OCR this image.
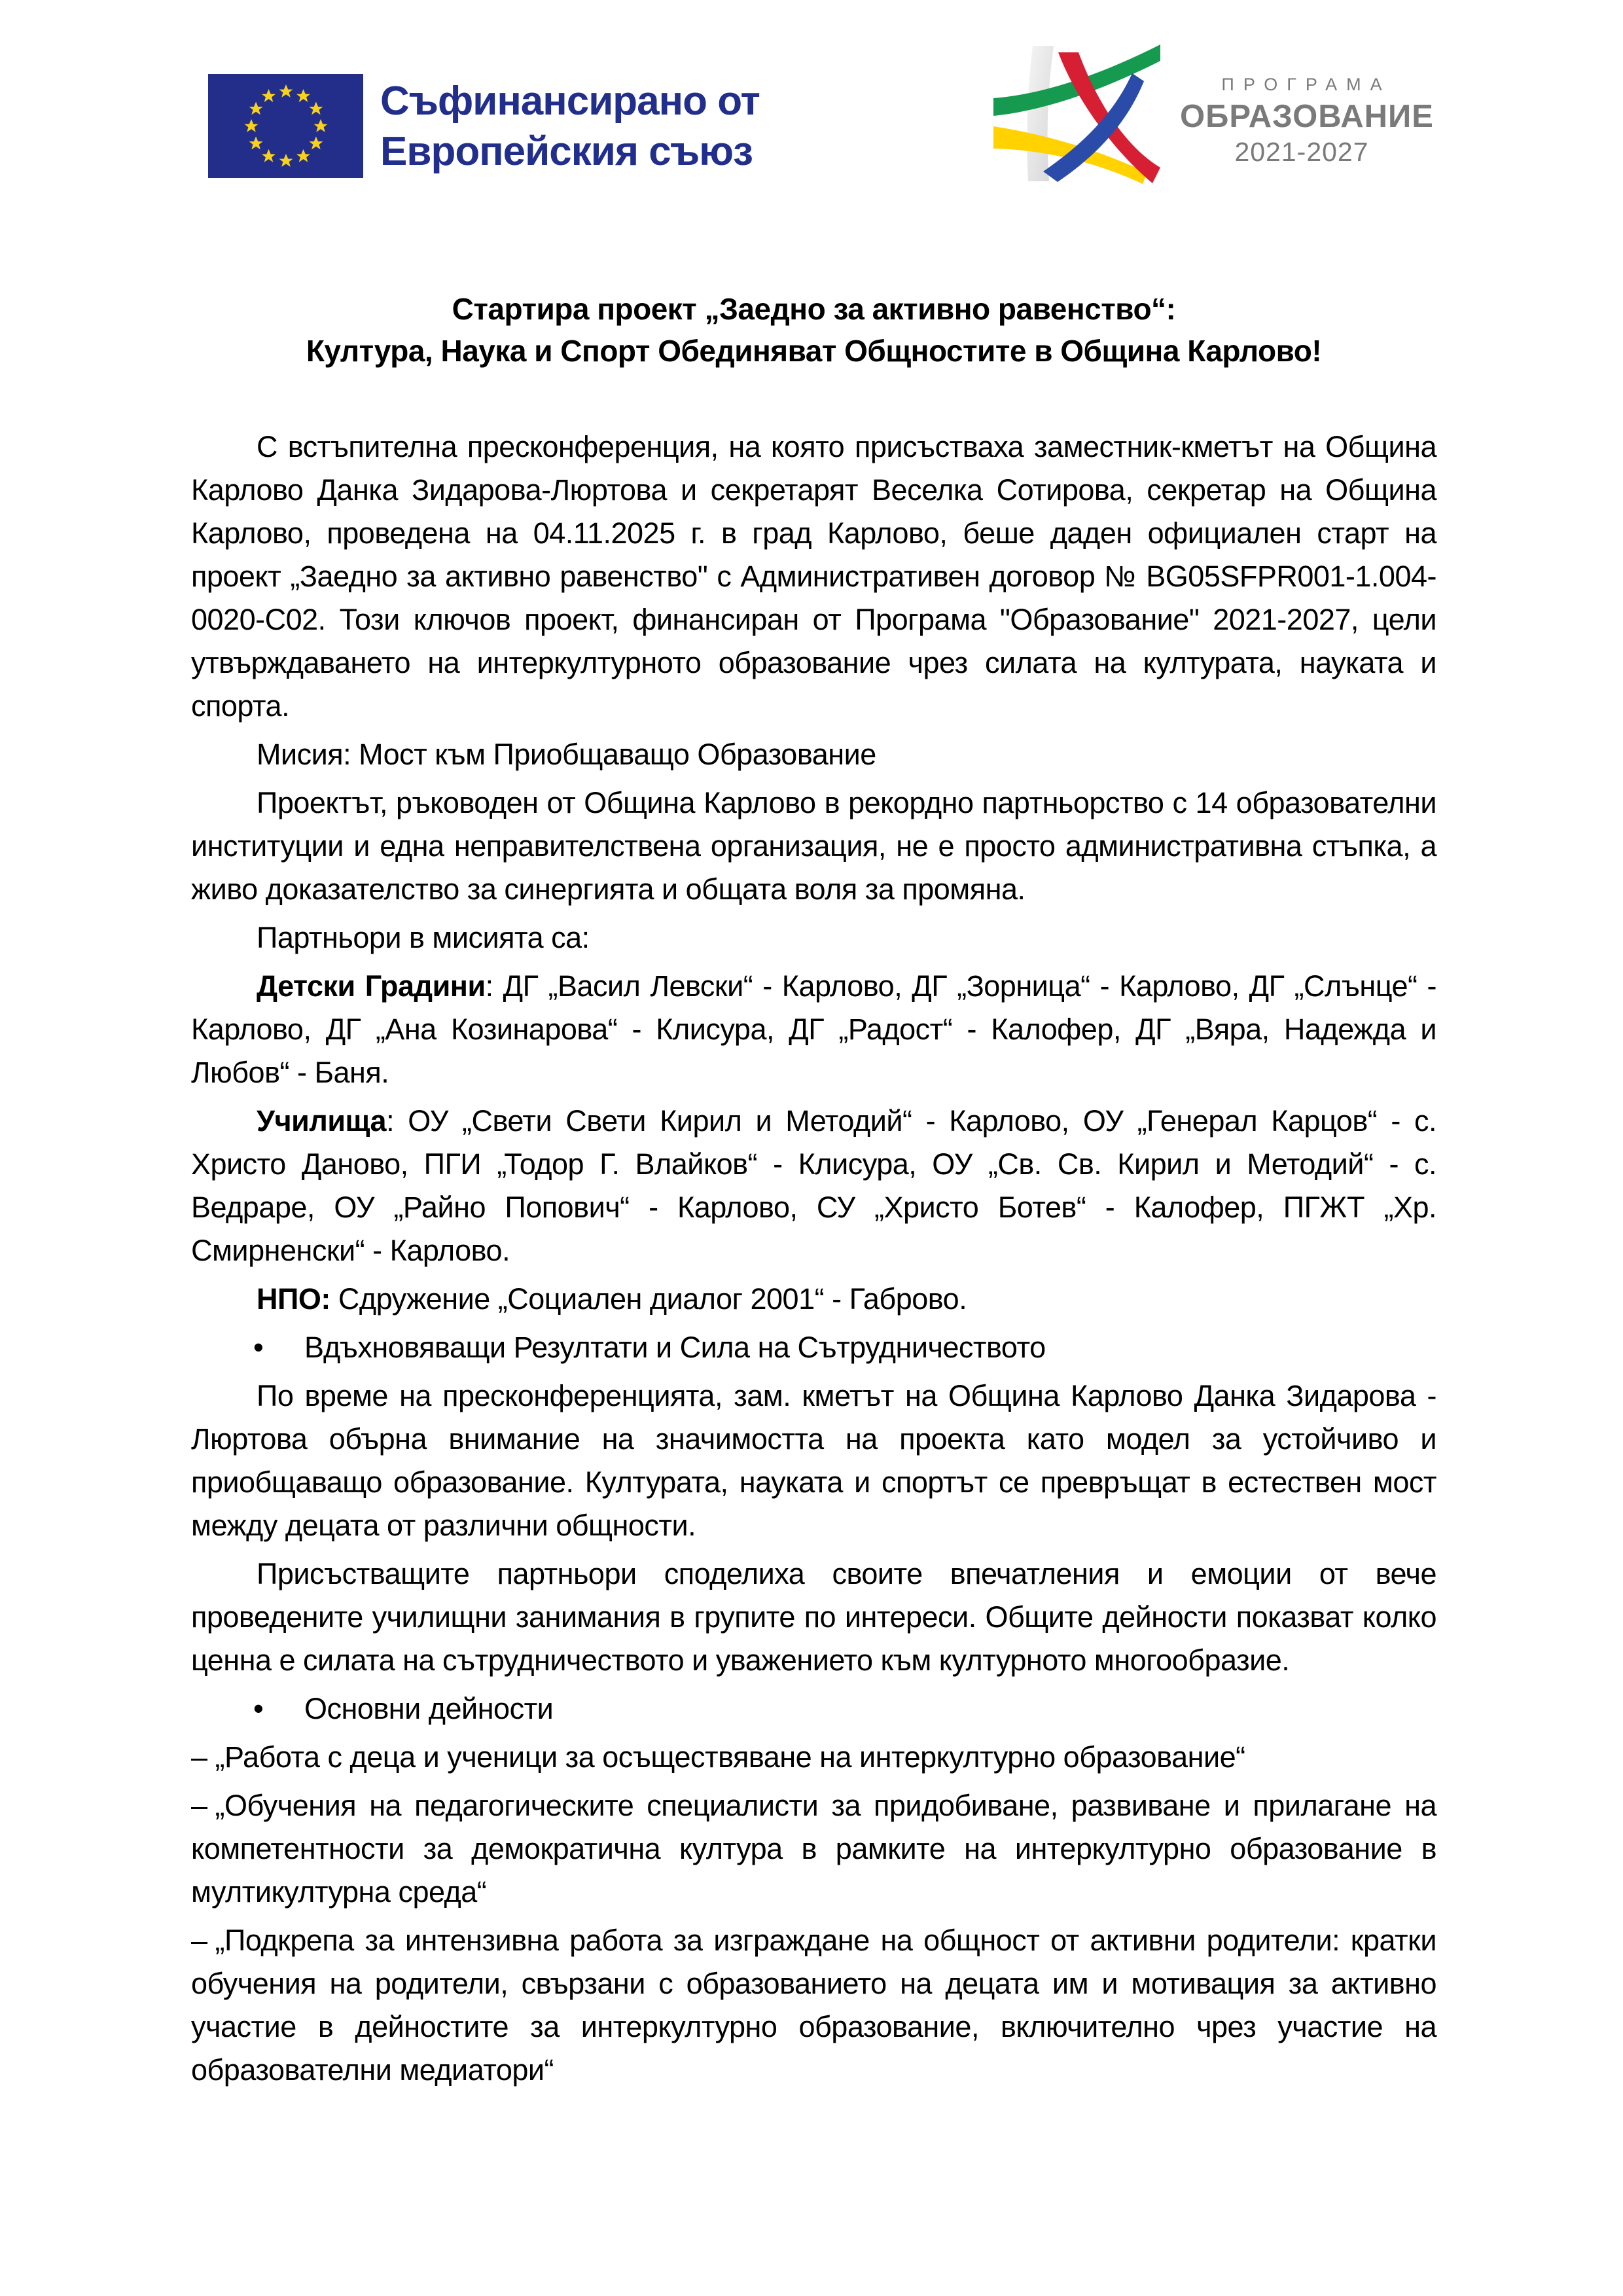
Съфинансирано от
Европейския съюз
ПРОГРАМА
ОБРАЗОВАНИЕ
2021-2027
Стартира проект „Заедно за активно равенство“:
Култура, Наука и Спорт Обединяват Общностите в Община Карлово!

С встъпителна пресконференция, на която присъстваха заместник-кметът на Община Карлово Данка Зидарова-Люртова и секретарят Веселка Сотирова, секретар на Община Карлово, проведена на 04.11.2025 г. в град Карлово, беше даден официален старт на проект „Заедно за активно равенство" с Административен договор № BG05SFPR001-1.004-0020-C02. Този ключов проект, финансиран от Програма "Образование" 2021-2027, цели утвърждаването на интеркултурното образование чрез силата на културата, науката и спорта.

Мисия: Мост към Приобщаващо Образование

Проектът, ръководен от Община Карлово в рекордно партньорство с 14 образователни институции и една неправителствена организация, не е просто административна стъпка, а живо доказателство за синергията и общата воля за промяна.

Партньори в мисията са:

Детски Градини: ДГ „Васил Левски“ - Карлово, ДГ „Зорница“ - Карлово, ДГ „Слънце“ - Карлово, ДГ „Ана Козинарова“ - Клисура, ДГ „Радост“ - Калофер, ДГ „Вяра, Надежда и Любов“ - Баня.

Училища: ОУ „Свети Свети Кирил и Методий“ - Карлово, ОУ „Генерал Карцов“ - с. Христо Даново, ПГИ „Тодор Г. Влайков“ - Клисура, ОУ „Св. Св. Кирил и Методий“ - с. Ведраре, ОУ „Райно Попович“ - Карлово, СУ „Христо Ботев“ - Калофер, ПГЖТ „Хр. Смирненски“ - Карлово.

НПО: Сдружение „Социален диалог 2001“ - Габрово.

• Вдъхновяващи Резултати и Сила на Сътрудничеството

По време на пресконференцията, зам. кметът на Община Карлово Данка Зидарова - Люртова обърна внимание на значимостта на проекта като модел за устойчиво и приобщаващо образование. Културата, науката и спортът се превръщат в естествен мост между децата от различни общности.

Присъстващите партньори споделиха своите впечатления и емоции от вече проведените училищни занимания в групите по интереси. Общите дейности показват колко ценна е силата на сътрудничеството и уважението към културното многообразие.

• Основни дейности

– „Работа с деца и ученици за осъществяване на интеркултурно образование“

– „Обучения на педагогическите специалисти за придобиване, развиване и прилагане на компетентности за демократична култура в рамките на интеркултурно образование в мултикултурна среда“

– „Подкрепа за интензивна работа за изграждане на общност от активни родители: кратки обучения на родители, свързани с образованието на децата им и мотивация за активно участие в дейностите за интеркултурно образование, включително чрез участие на образователни медиатори“
